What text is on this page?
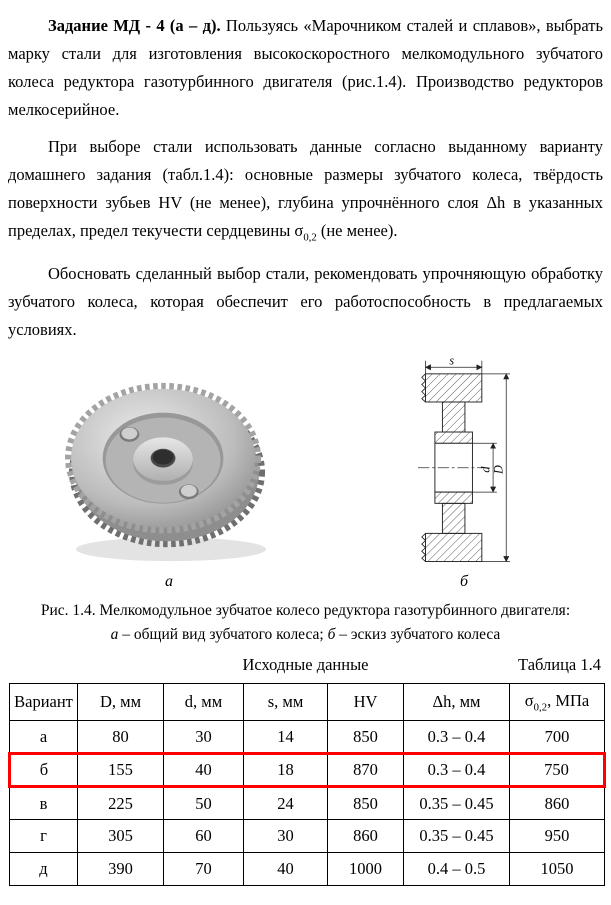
Задание МД - 4 (а – д). Пользуясь «Марочником сталей и сплавов», выбрать марку стали для изготовления высокоскоростного мелкомодульного зубчатого колеса редуктора газотурбинного двигателя (рис.1.4). Производство редукторов мелкосерийное.

При выборе стали использовать данные согласно выданному варианту домашнего задания (табл.1.4): основные размеры зубчатого колеса, твёрдость поверхности зубьев HV (не менее), глубина упрочнённого слоя Δh в указанных пределах, предел текучести сердцевины $\sigma_{0,2}$ (не менее).

Обосновать сделанный выбор стали, рекомендовать упрочняющую обработку зубчатого колеса, которая обеспечит его работоспособность в предлагаемых условиях.

а
s
d D
б
Рис. 1.4. Мелкомодульное зубчатое колесо редуктора газотурбинного двигателя:
а – общий вид зубчатого колеса; б – эскиз зубчатого колеса
Исходные данные	Таблица 1.4
Вариант	D, мм	d, мм	s, мм	HV	Δh, мм	$\sigma_{0,2}$, МПа
а	80	30	14	850	0.3 – 0.4	700
б	155	40	18	870	0.3 – 0.4	750
в	225	50	24	850	0.35 – 0.45	860
г	305	60	30	860	0.35 – 0.45	950
д	390	70	40	1000	0.4 – 0.5	1050
